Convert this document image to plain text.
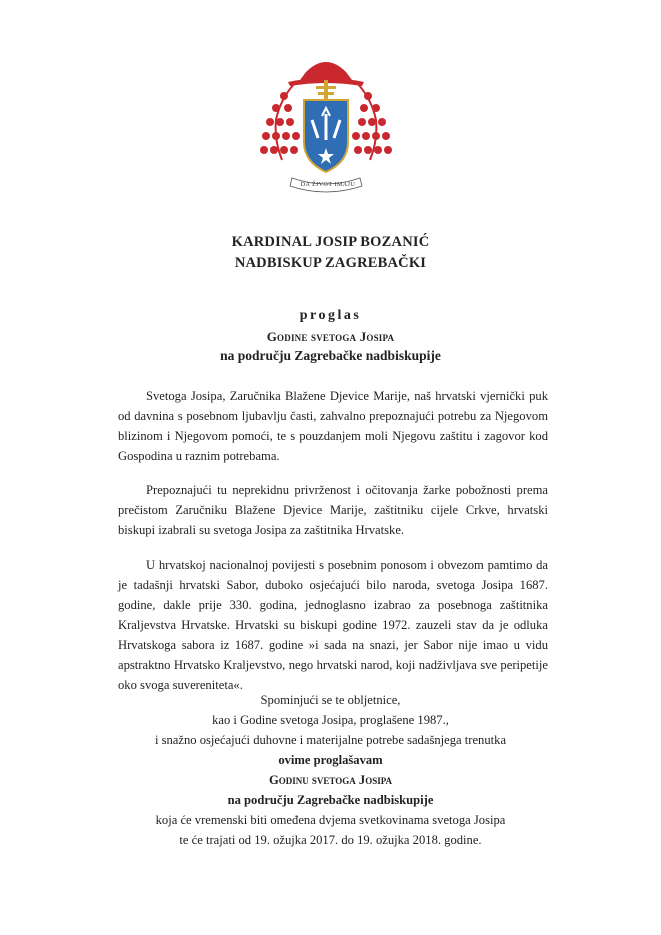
DA ŽIVOT IMAJU
KARDINAL JOSIP BOZANIĆ
NADBISKUP ZAGREBAČKI
proglas
Godine svetoga Josipa
na području Zagrebačke nadbiskupije

Svetoga Josipa, Zaručnika Blažene Djevice Marije, naš hrvatski vjernički puk od davnina s posebnom ljubavlju časti, zahvalno prepoznajući potrebu za Njegovom blizinom i Njegovom pomoći, te s pouzdanjem moli Njegovu zaštitu i zagovor kod Gospodina u raznim potrebama.

Prepoznajući tu neprekidnu privrženost i očitovanja žarke pobožnosti prema prečistom Zaručniku Blažene Djevice Marije, zaštitniku cijele Crkve, hrvatski biskupi izabrali su svetoga Josipa za zaštitnika Hrvatske.

U hrvatskoj nacionalnoj povijesti s posebnim ponosom i obvezom pamtimo da je tadašnji hrvatski Sabor, duboko osjećajući bilo naroda, svetoga Josipa 1687. godine, dakle prije 330. godina, jednoglasno izabrao za posebnoga zaštitnika Kraljevstva Hrvatske. Hrvatski su biskupi godine 1972. zauzeli stav da je odluka Hrvatskoga sabora iz 1687. godine »i sada na snazi, jer Sabor nije imao u vidu apstraktno Hrvatsko Kraljevstvo, nego hrvatski narod, koji nadživljava sve peripetije oko svoga suvereniteta«.

Spominjući se te obljetnice,
kao i Godine svetoga Josipa, proglašene 1987.,
i snažno osjećajući duhovne i materijalne potrebe sadašnjega trenutka
ovime proglašavam
Godinu svetoga Josipa
na području Zagrebačke nadbiskupije
koja će vremenski biti omeđena dvjema svetkovinama svetoga Josipa
te će trajati od 19. ožujka 2017. do 19. ožujka 2018. godine.
